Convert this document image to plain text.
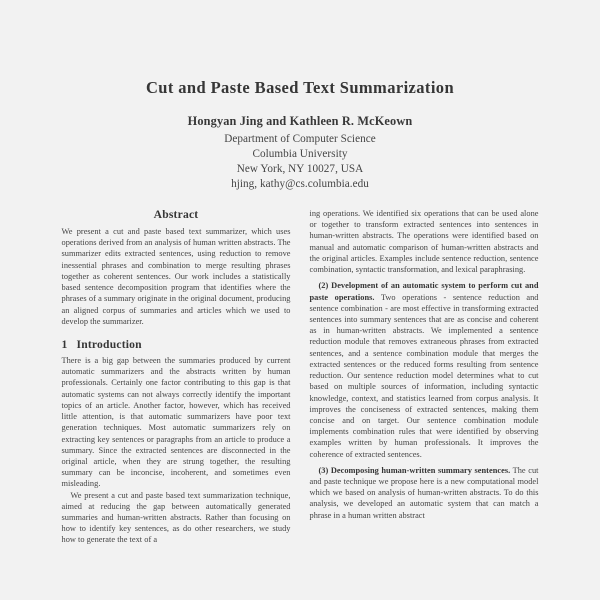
Cut and Paste Based Text Summarization
Hongyan Jing and Kathleen R. McKeown
Department of Computer Science
Columbia University
New York, NY 10027, USA
hjing, kathy@cs.columbia.edu
Abstract

We present a cut and paste based text summarizer, which uses operations derived from an analysis of human written abstracts. The summarizer edits extracted sentences, using reduction to remove inessential phrases and combination to merge resulting phrases together as coherent sentences. Our work includes a statistically based sentence decomposition program that identifies where the phrases of a summary originate in the original document, producing an aligned corpus of summaries and articles which we used to develop the summarizer.

1 Introduction

There is a big gap between the summaries produced by current automatic summarizers and the abstracts written by human professionals. Certainly one factor contributing to this gap is that automatic systems can not always correctly identify the important topics of an article. Another factor, however, which has received little attention, is that automatic summarizers have poor text generation techniques. Most automatic summarizers rely on extracting key sentences or paragraphs from an article to produce a summary. Since the extracted sentences are disconnected in the original article, when they are strung together, the resulting summary can be inconcise, incoherent, and sometimes even misleading.

We present a cut and paste based text summarization technique, aimed at reducing the gap between automatically generated summaries and human-written abstracts. Rather than focusing on how to identify key sentences, as do other researchers, we study how to generate the text of a

ing operations. We identified six operations that can be used alone or together to transform extracted sentences into sentences in human-written abstracts. The operations were identified based on manual and automatic comparison of human-written abstracts and the original articles. Examples include sentence reduction, sentence combination, syntactic transformation, and lexical paraphrasing.

(2) Development of an automatic system to perform cut and paste operations. Two operations - sentence reduction and sentence combination - are most effective in transforming extracted sentences into summary sentences that are as concise and coherent as in human-written abstracts. We implemented a sentence reduction module that removes extraneous phrases from extracted sentences, and a sentence combination module that merges the extracted sentences or the reduced forms resulting from sentence reduction. Our sentence reduction model determines what to cut based on multiple sources of information, including syntactic knowledge, context, and statistics learned from corpus analysis. It improves the conciseness of extracted sentences, making them concise and on target. Our sentence combination module implements combination rules that were identified by observing examples written by human professionals. It improves the coherence of extracted sentences.

(3) Decomposing human-written summary sentences. The cut and paste technique we propose here is a new computational model which we based on analysis of human-written abstracts. To do this analysis, we developed an automatic system that can match a phrase in a human written abstract
